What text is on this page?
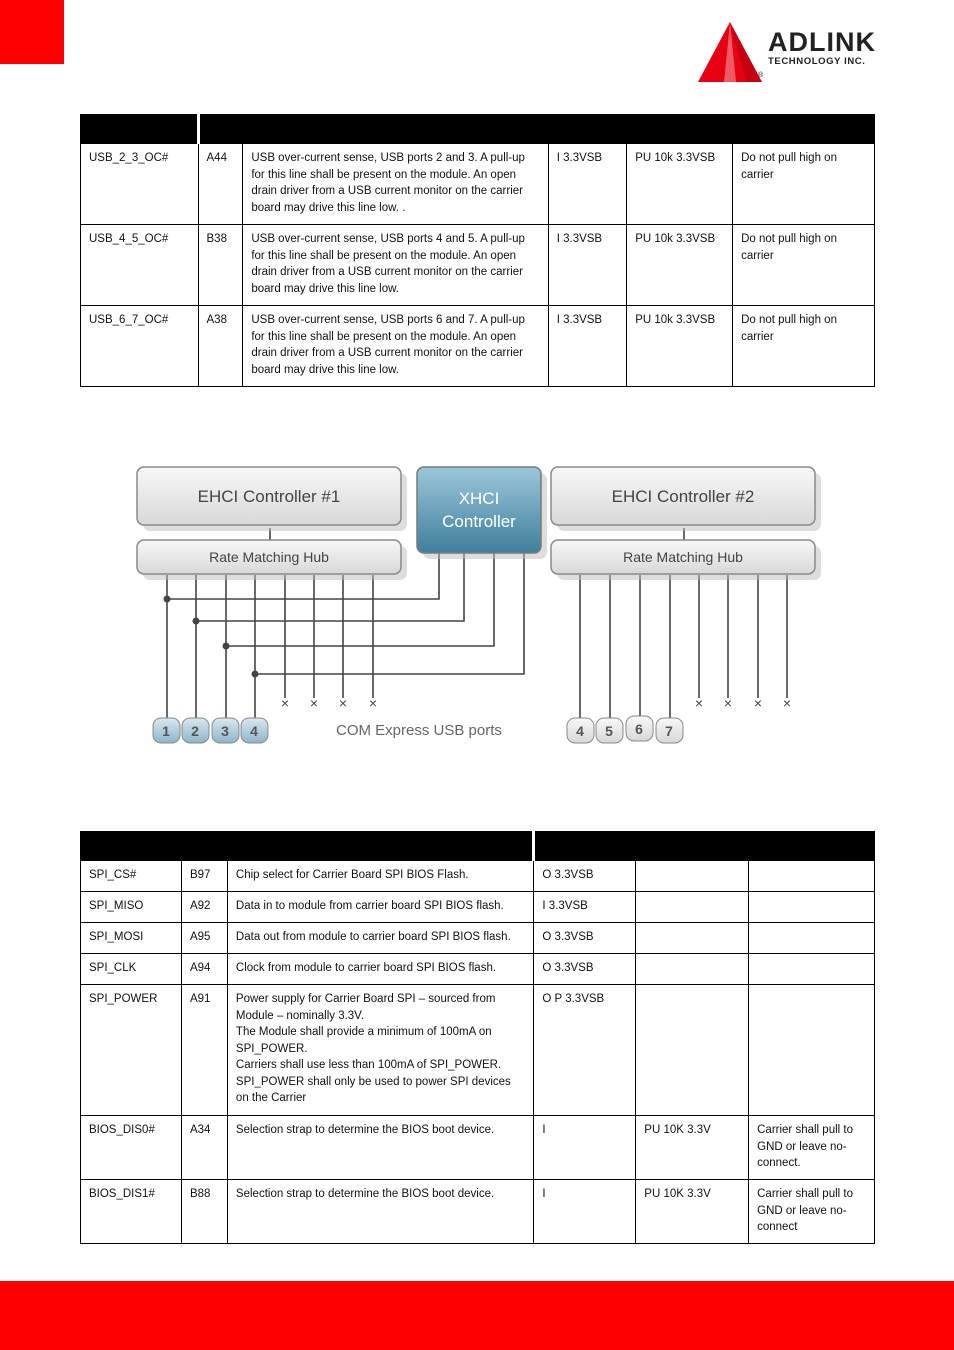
ADLINK
TECHNOLOGY INC.
®

USB_2_3_OC#	A44	USB over-current sense, USB ports 2 and 3. A pull-up for this line shall be present on the module. An open drain driver from a USB current monitor on the carrier board may drive this line low. .	I 3.3VSB	PU 10k 3.3VSB	Do not pull high on carrier
USB_4_5_OC#	B38	USB over-current sense, USB ports 4 and 5. A pull-up for this line shall be present on the module. An open drain driver from a USB current monitor on the carrier board may drive this line low.	I 3.3VSB	PU 10k 3.3VSB	Do not pull high on carrier
USB_6_7_OC#	A38	USB over-current sense, USB ports 6 and 7. A pull-up for this line shall be present on the module. An open drain driver from a USB current monitor on the carrier board may drive this line low.	I 3.3VSB	PU 10k 3.3VSB	Do not pull high on carrier
EHCI Controller #1	XHCI
Controller
EHCI Controller #2
Rate Matching Hub	Rate Matching Hub
× × × ×	× × × ×
1 2 3 4	4 5 6 7
COM Express USB ports

SPI_CS#	B97	Chip select for Carrier Board SPI BIOS Flash.	O 3.3VSB		
SPI_MISO	A92	Data in to module from carrier board SPI BIOS flash.	I 3.3VSB		
SPI_MOSI	A95	Data out from module to carrier board SPI BIOS flash.	O 3.3VSB		
SPI_CLK	A94	Clock from module to carrier board SPI BIOS flash.	O 3.3VSB		
SPI_POWER	A91	Power supply for Carrier Board SPI – sourced from Module – nominally 3.3V.
The Module shall provide a minimum of 100mA on SPI_POWER.
Carriers shall use less than 100mA of SPI_POWER. SPI_POWER shall only be used to power SPI devices on the Carrier	O P 3.3VSB		
BIOS_DIS0#	A34	Selection strap to determine the BIOS boot device.	I	PU 10K 3.3V	Carrier shall pull to GND or leave no-connect.
BIOS_DIS1#	B88	Selection strap to determine the BIOS boot device.	I	PU 10K 3.3V	Carrier shall pull to GND or leave no-connect
